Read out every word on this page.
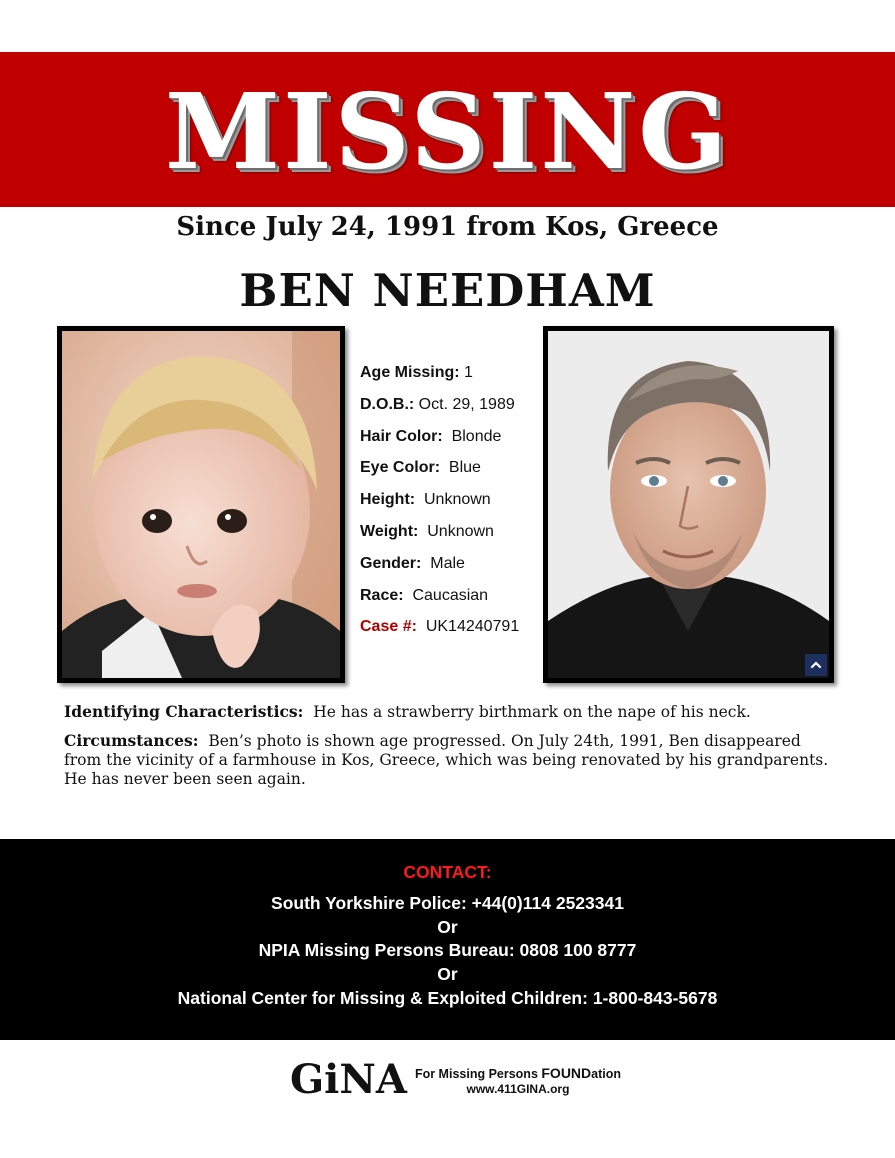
MISSING
Since July 24, 1991 from Kos, Greece
BEN NEEDHAM
Age Missing: 1
D.O.B.: Oct. 29, 1989
Hair Color: Blonde
Eye Color: Blue
Height: Unknown
Weight: Unknown
Gender: Male
Race: Caucasian
Case #: UK14240791

Identifying Characteristics: He has a strawberry birthmark on the nape of his neck.

Circumstances: Ben’s photo is shown age progressed. On July 24th, 1991, Ben disappeared from the vicinity of a farmhouse in Kos, Greece, which was being renovated by his grandparents. He has never been seen again.

CONTACT:
South Yorkshire Police: +44(0)114 2523341
Or
NPIA Missing Persons Bureau: 0808 100 8777
Or
National Center for Missing & Exploited Children: 1-800-843-5678
GiNA For Missing Persons FOUNDation
www.411GINA.org
